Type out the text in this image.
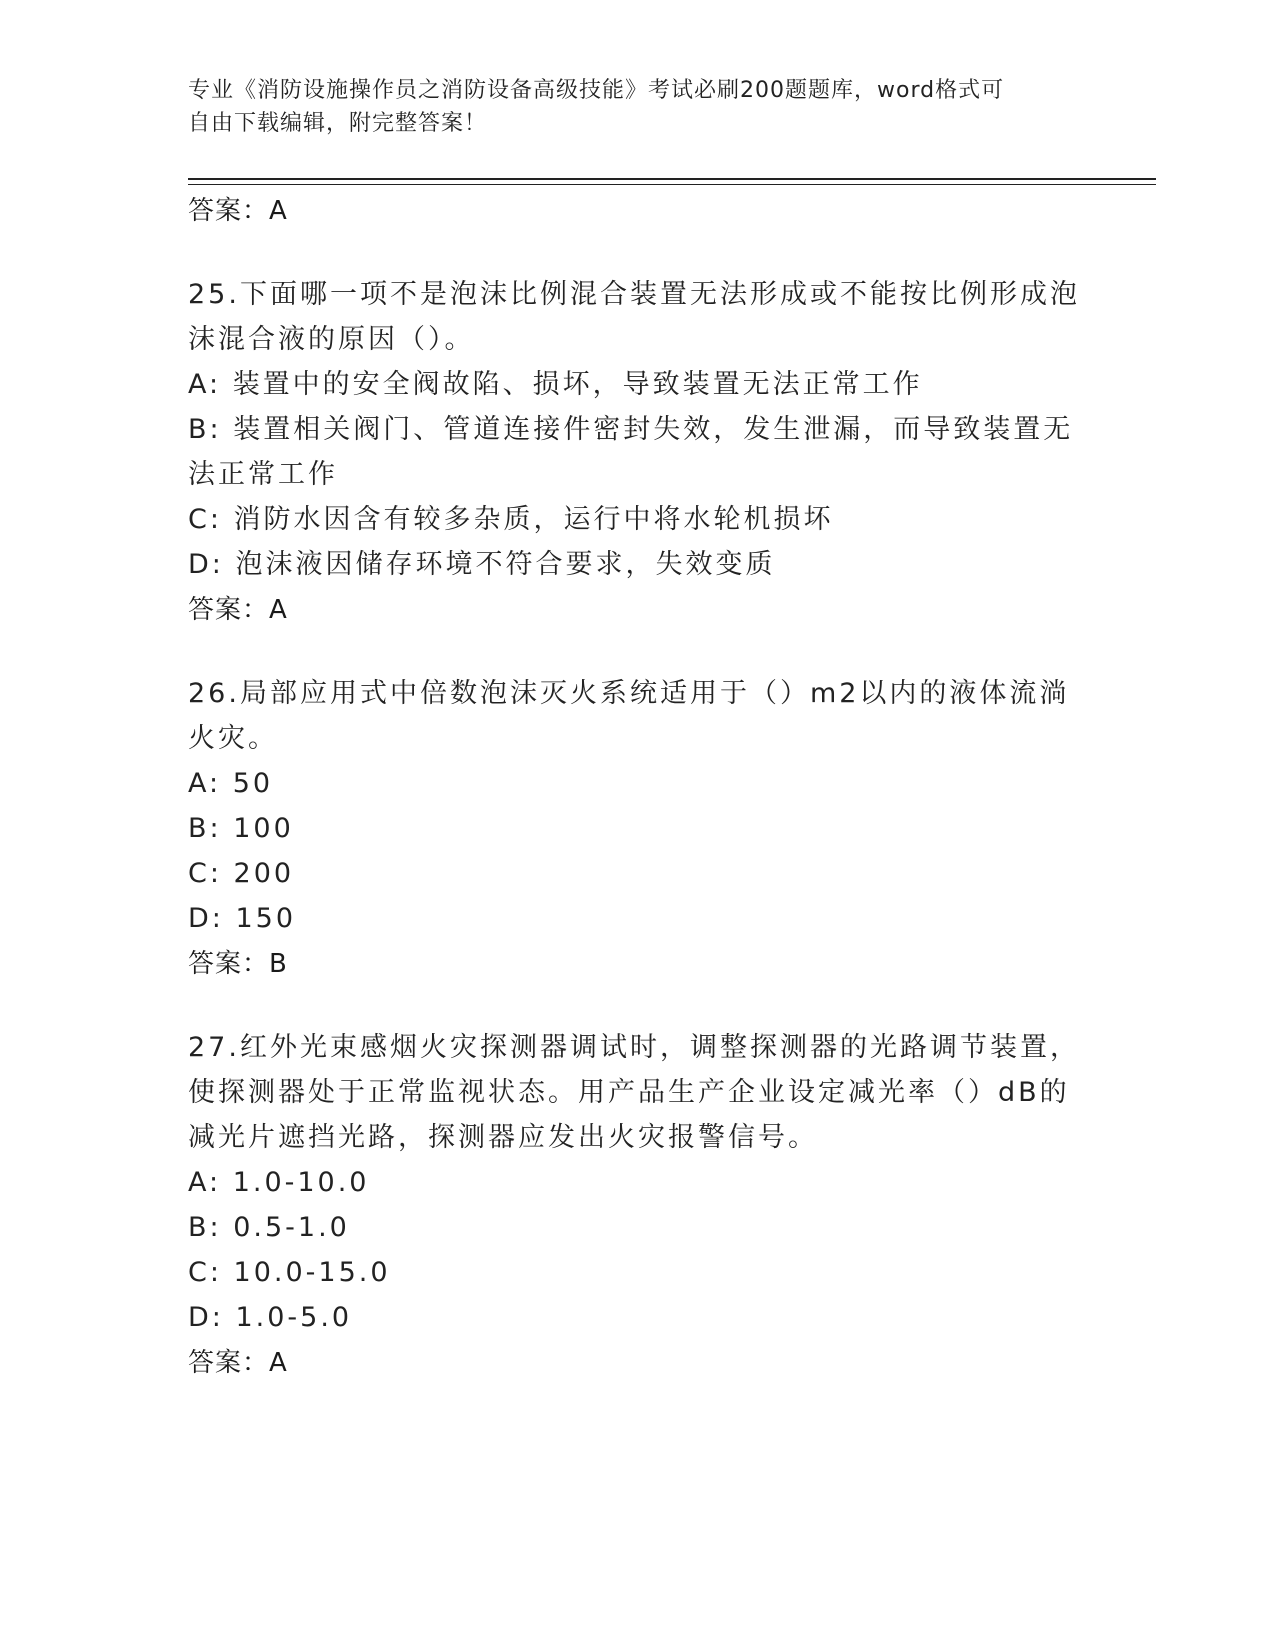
专业《消防设施操作员之消防设备高级技能》考试必刷200题题库，word格式可
自由下载编辑，附完整答案！
答案：A
25.下面哪一项不是泡沫比例混合装置无法形成或不能按比例形成泡沫混合液的原因（）。
A: 装置中的安全阀故陷、损坏，导致装置无法正常工作
B: 装置相关阀门、管道连接件密封失效，发生泄漏，而导致装置无法正常工作
C: 消防水因含有较多杂质，运行中将水轮机损坏
D: 泡沫液因储存环境不符合要求，失效变质
答案：A
26.局部应用式中倍数泡沫灭火系统适用于（）m2以内的液体流淌火灾。
A: 50
B: 100
C: 200
D: 150
答案：B
27.红外光束感烟火灾探测器调试时，调整探测器的光路调节装置，使探测器处于正常监视状态。用产品生产企业设定减光率（）dB的减光片遮挡光路，探测器应发出火灾报警信号。
A: 1.0-10.0
B: 0.5-1.0
C: 10.0-15.0
D: 1.0-5.0
答案：A
